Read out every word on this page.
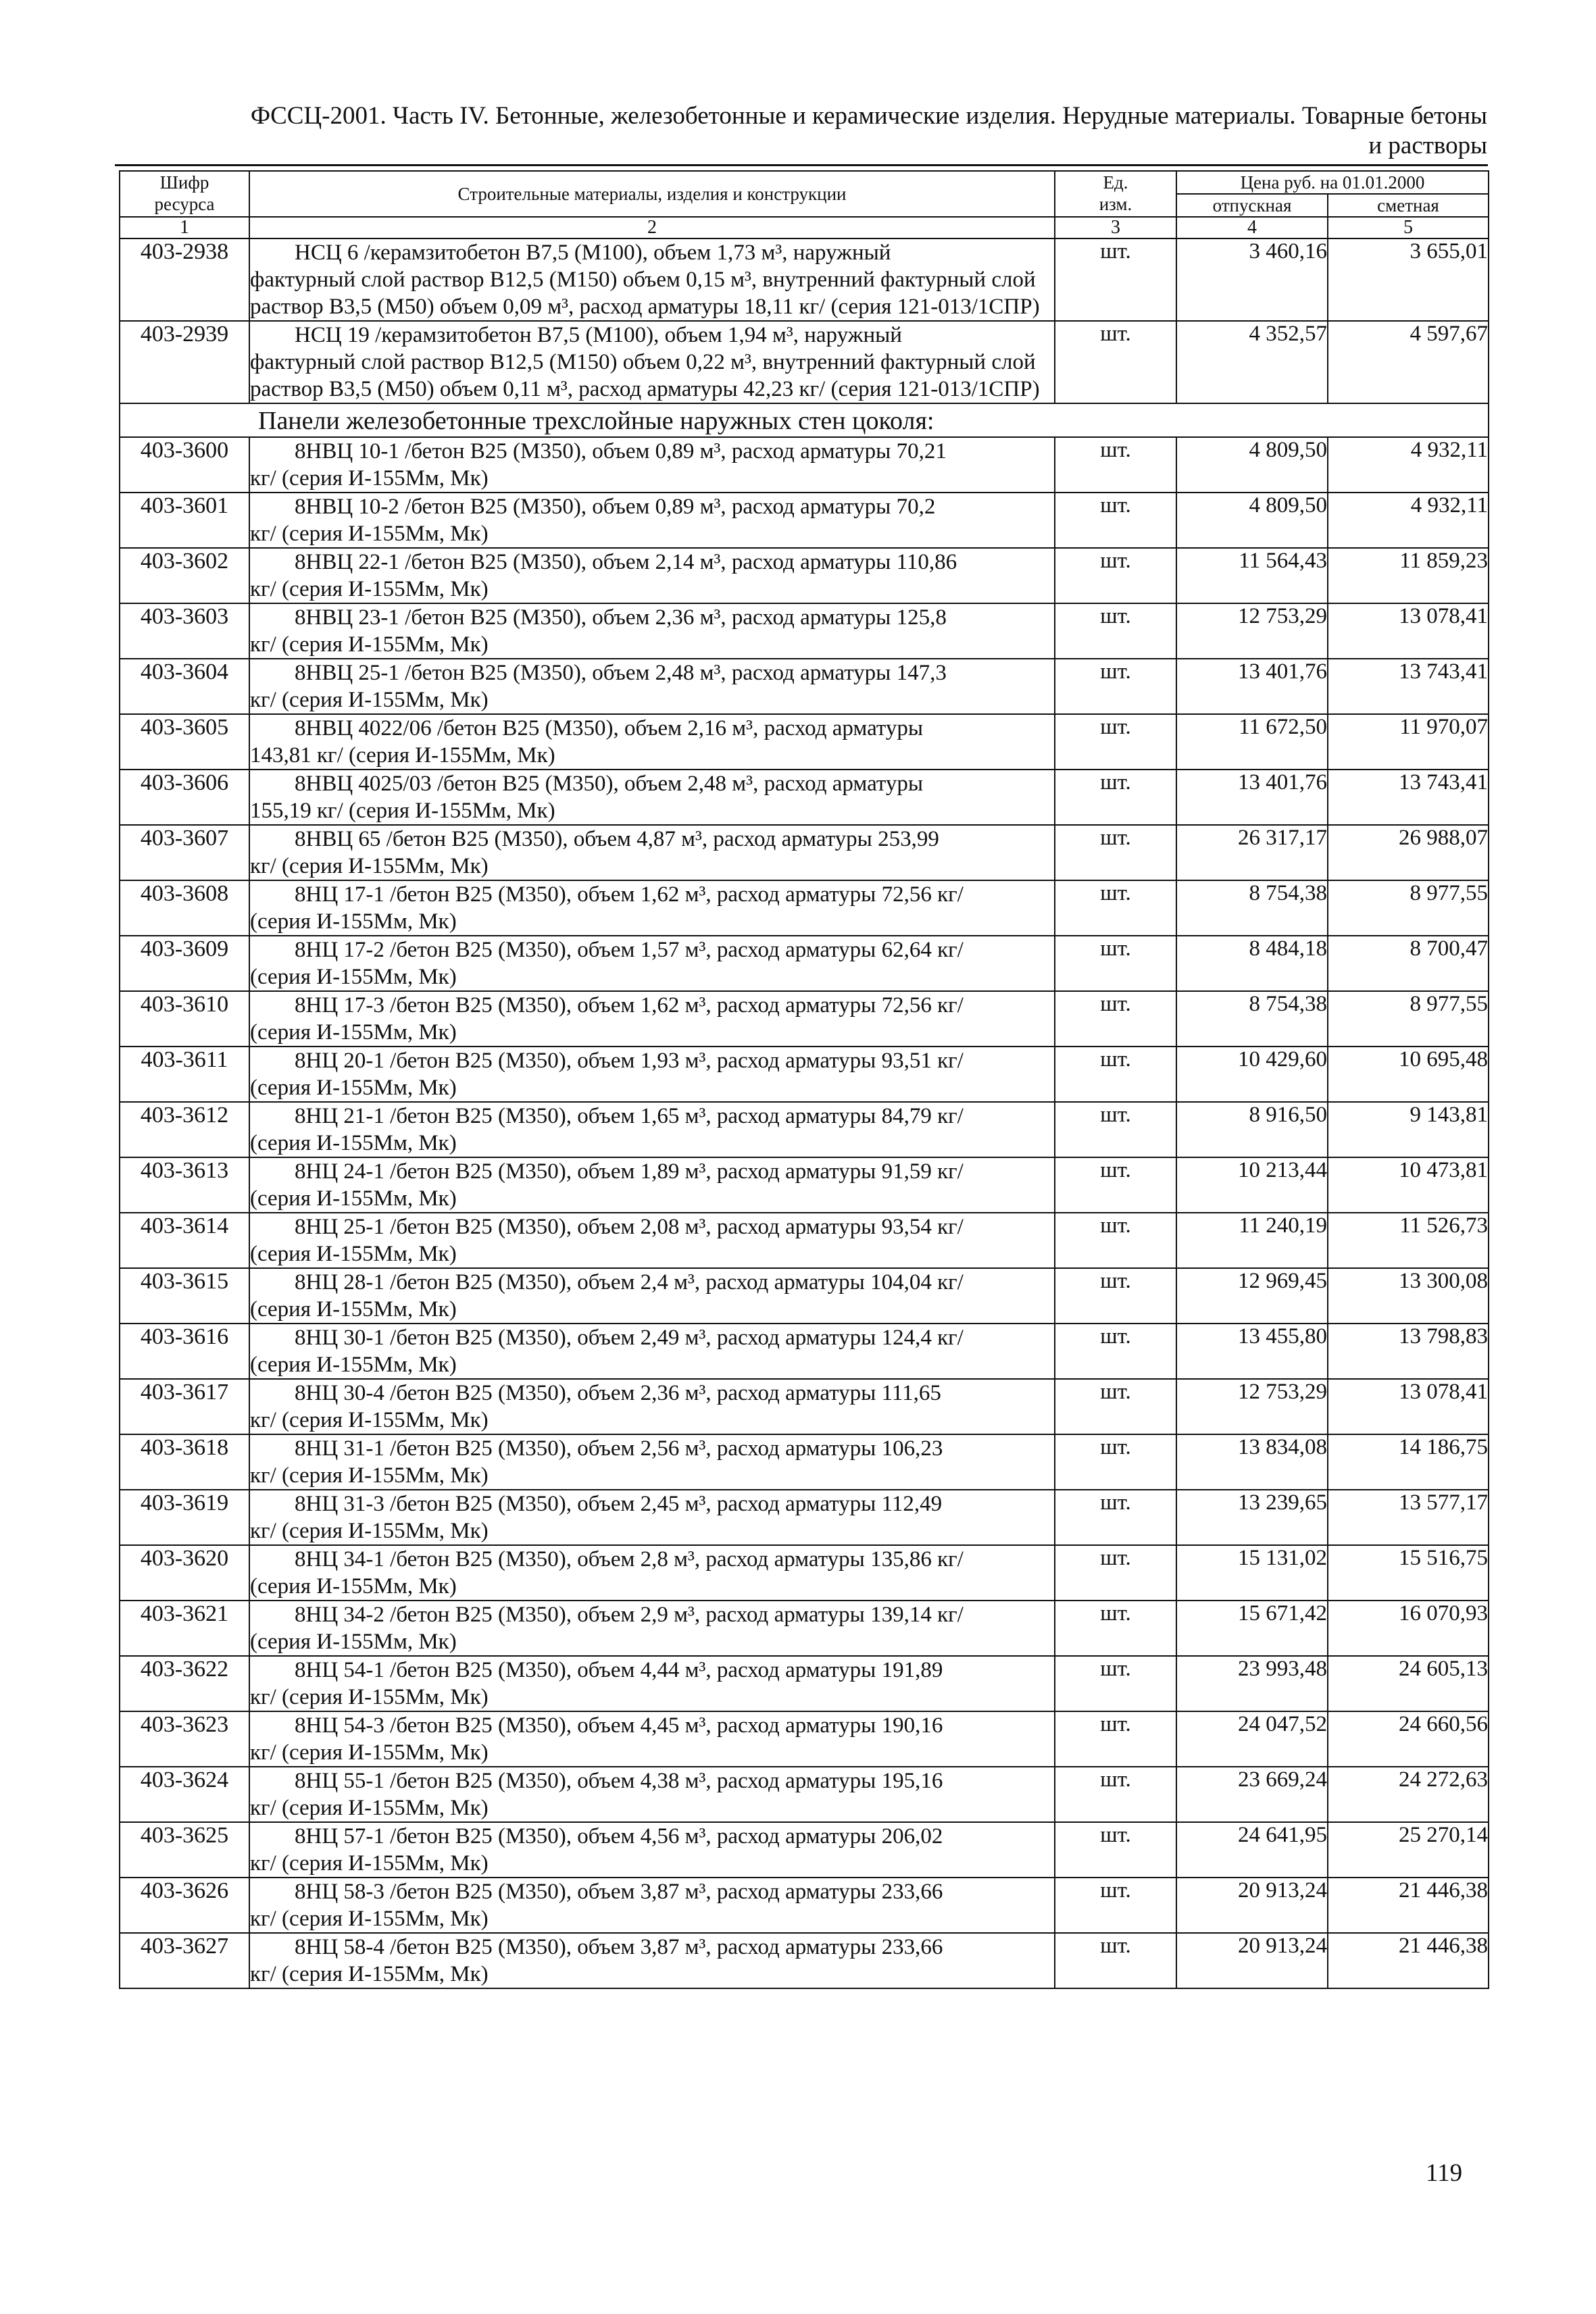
ФССЦ-2001. Часть IV. Бетонные, железобетонные и керамические изделия. Нерудные материалы. Товарные бетоны
и растворы
Шифр
ресурса	Строительные материалы, изделия и конструкции	Ед.
изм.	Цена руб. на 01.01.2000	
			отпускная	сметная
1	2	3	4	5
403-2938	НСЦ 6 /керамзитобетон В7,5 (М100), объем 1,73 м³, наружный
фактурный слой раствор В12,5 (М150) объем 0,15 м³, внутренний фактурный слой раствор В3,5 (М50) объем 0,09 м³, расход арматуры 18,11 кг/ (серия 121-013/1СПР)	шт.	3 460,16	3 655,01
403-2939	НСЦ 19 /керамзитобетон В7,5 (М100), объем 1,94 м³, наружный
фактурный слой раствор В12,5 (М150) объем 0,22 м³, внутренний фактурный слой раствор В3,5 (М50) объем 0,11 м³, расход арматуры 42,23 кг/ (серия 121-013/1СПР)	шт.	4 352,57	4 597,67
Панели железобетонные трехслойные наружных стен цоколя:				
403-3600	8НВЦ 10-1 /бетон В25 (М350), объем 0,89 м³, расход арматуры 70,21
кг/ (серия И-155Мм, Мк)	шт.	4 809,50	4 932,11
403-3601	8НВЦ 10-2 /бетон В25 (М350), объем 0,89 м³, расход арматуры 70,2
кг/ (серия И-155Мм, Мк)	шт.	4 809,50	4 932,11
403-3602	8НВЦ 22-1 /бетон В25 (М350), объем 2,14 м³, расход арматуры 110,86
кг/ (серия И-155Мм, Мк)	шт.	11 564,43	11 859,23
403-3603	8НВЦ 23-1 /бетон В25 (М350), объем 2,36 м³, расход арматуры 125,8
кг/ (серия И-155Мм, Мк)	шт.	12 753,29	13 078,41
403-3604	8НВЦ 25-1 /бетон В25 (М350), объем 2,48 м³, расход арматуры 147,3
кг/ (серия И-155Мм, Мк)	шт.	13 401,76	13 743,41
403-3605	8НВЦ 4022/06 /бетон В25 (М350), объем 2,16 м³, расход арматуры
143,81 кг/ (серия И-155Мм, Мк)	шт.	11 672,50	11 970,07
403-3606	8НВЦ 4025/03 /бетон В25 (М350), объем 2,48 м³, расход арматуры
155,19 кг/ (серия И-155Мм, Мк)	шт.	13 401,76	13 743,41
403-3607	8НВЦ 65 /бетон В25 (М350), объем 4,87 м³, расход арматуры 253,99
кг/ (серия И-155Мм, Мк)	шт.	26 317,17	26 988,07
403-3608	8НЦ 17-1 /бетон В25 (М350), объем 1,62 м³, расход арматуры 72,56 кг/
(серия И-155Мм, Мк)	шт.	8 754,38	8 977,55
403-3609	8НЦ 17-2 /бетон В25 (М350), объем 1,57 м³, расход арматуры 62,64 кг/
(серия И-155Мм, Мк)	шт.	8 484,18	8 700,47
403-3610	8НЦ 17-3 /бетон В25 (М350), объем 1,62 м³, расход арматуры 72,56 кг/
(серия И-155Мм, Мк)	шт.	8 754,38	8 977,55
403-3611	8НЦ 20-1 /бетон В25 (М350), объем 1,93 м³, расход арматуры 93,51 кг/
(серия И-155Мм, Мк)	шт.	10 429,60	10 695,48
403-3612	8НЦ 21-1 /бетон В25 (М350), объем 1,65 м³, расход арматуры 84,79 кг/
(серия И-155Мм, Мк)	шт.	8 916,50	9 143,81
403-3613	8НЦ 24-1 /бетон В25 (М350), объем 1,89 м³, расход арматуры 91,59 кг/
(серия И-155Мм, Мк)	шт.	10 213,44	10 473,81
403-3614	8НЦ 25-1 /бетон В25 (М350), объем 2,08 м³, расход арматуры 93,54 кг/
(серия И-155Мм, Мк)	шт.	11 240,19	11 526,73
403-3615	8НЦ 28-1 /бетон В25 (М350), объем 2,4 м³, расход арматуры 104,04 кг/
(серия И-155Мм, Мк)	шт.	12 969,45	13 300,08
403-3616	8НЦ 30-1 /бетон В25 (М350), объем 2,49 м³, расход арматуры 124,4 кг/
(серия И-155Мм, Мк)	шт.	13 455,80	13 798,83
403-3617	8НЦ 30-4 /бетон В25 (М350), объем 2,36 м³, расход арматуры 111,65
кг/ (серия И-155Мм, Мк)	шт.	12 753,29	13 078,41
403-3618	8НЦ 31-1 /бетон В25 (М350), объем 2,56 м³, расход арматуры 106,23
кг/ (серия И-155Мм, Мк)	шт.	13 834,08	14 186,75
403-3619	8НЦ 31-3 /бетон В25 (М350), объем 2,45 м³, расход арматуры 112,49
кг/ (серия И-155Мм, Мк)	шт.	13 239,65	13 577,17
403-3620	8НЦ 34-1 /бетон В25 (М350), объем 2,8 м³, расход арматуры 135,86 кг/
(серия И-155Мм, Мк)	шт.	15 131,02	15 516,75
403-3621	8НЦ 34-2 /бетон В25 (М350), объем 2,9 м³, расход арматуры 139,14 кг/
(серия И-155Мм, Мк)	шт.	15 671,42	16 070,93
403-3622	8НЦ 54-1 /бетон В25 (М350), объем 4,44 м³, расход арматуры 191,89
кг/ (серия И-155Мм, Мк)	шт.	23 993,48	24 605,13
403-3623	8НЦ 54-3 /бетон В25 (М350), объем 4,45 м³, расход арматуры 190,16
кг/ (серия И-155Мм, Мк)	шт.	24 047,52	24 660,56
403-3624	8НЦ 55-1 /бетон В25 (М350), объем 4,38 м³, расход арматуры 195,16
кг/ (серия И-155Мм, Мк)	шт.	23 669,24	24 272,63
403-3625	8НЦ 57-1 /бетон В25 (М350), объем 4,56 м³, расход арматуры 206,02
кг/ (серия И-155Мм, Мк)	шт.	24 641,95	25 270,14
403-3626	8НЦ 58-3 /бетон В25 (М350), объем 3,87 м³, расход арматуры 233,66
кг/ (серия И-155Мм, Мк)	шт.	20 913,24	21 446,38
403-3627	8НЦ 58-4 /бетон В25 (М350), объем 3,87 м³, расход арматуры 233,66
кг/ (серия И-155Мм, Мк)	шт.	20 913,24	21 446,38
119
